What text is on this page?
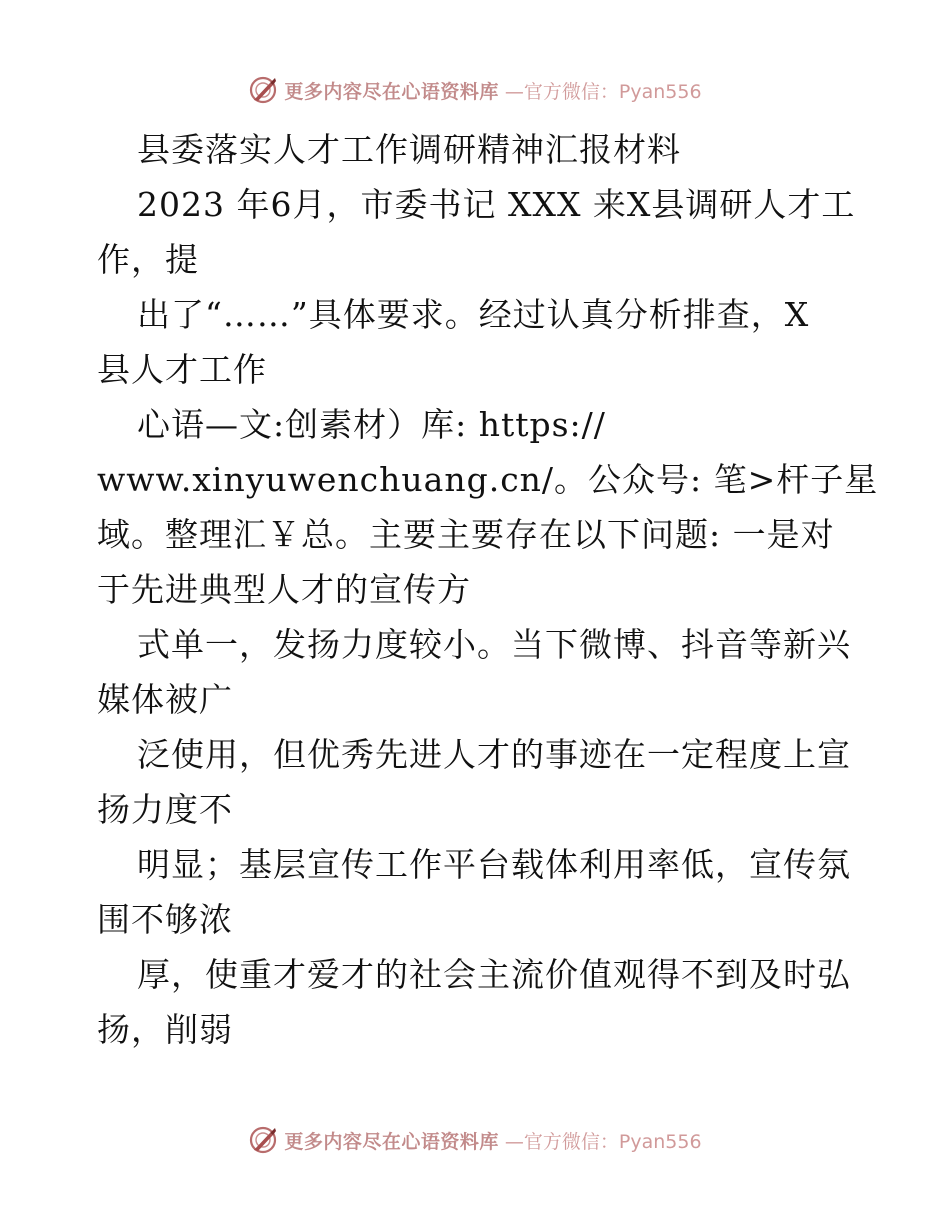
更多内容尽在心语资料库 —官方微信：Pyan556
县委落实人才工作调研精神汇报材料
2023 年6月，市委书记 XXX 来X县调研人才工
作，提
出了“……”具体要求。经过认真分析排查，X
县人才工作
心语—文:创素材）库: https://
www.xinyuwenchuang.cn/。公众号: 笔>杆子星
域。整理汇￥总。主要主要存在以下问题: 一是对
于先进典型人才的宣传方
式单一，发扬力度较小。当下微博、抖音等新兴
媒体被广
泛使用，但优秀先进人才的事迹在一定程度上宣
扬力度不
明显；基层宣传工作平台载体利用率低，宣传氛
围不够浓
厚，使重才爱才的社会主流价值观得不到及时弘
扬，削弱
更多内容尽在心语资料库 —官方微信：Pyan556
